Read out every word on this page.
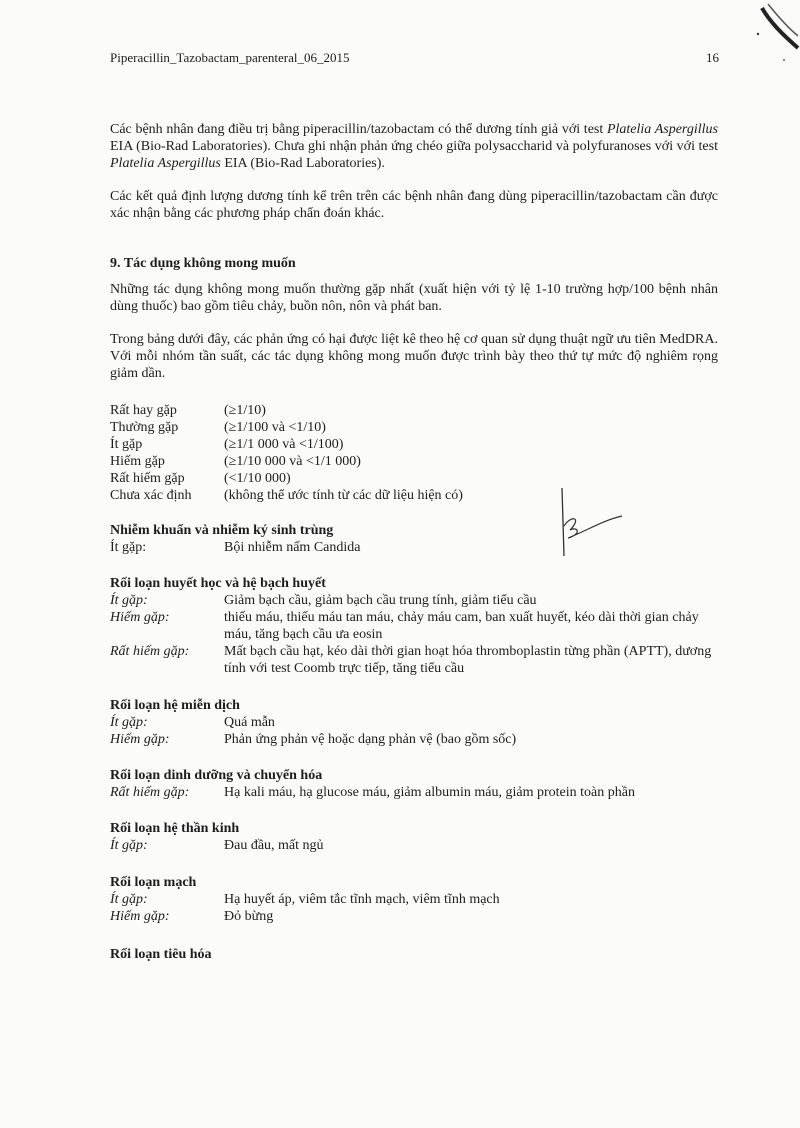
Piperacillin_Tazobactam_parenteral_06_2015	16

Các bệnh nhân đang điều trị bằng piperacillin/tazobactam có thể dương tính giả với test Platelia Aspergillus EIA (Bio-Rad Laboratories). Chưa ghi nhận phản ứng chéo giữa polysaccharid và polyfuranoses với với test Platelia Aspergillus EIA (Bio-Rad Laboratories).

Các kết quả định lượng dương tính kể trên trên các bệnh nhân đang dùng piperacillin/tazobactam cần được xác nhận bằng các phương pháp chẩn đoán khác.

9. Tác dụng không mong muốn

Những tác dụng không mong muốn thường gặp nhất (xuất hiện với tỷ lệ 1-10 trường hợp/100 bệnh nhân dùng thuốc) bao gồm tiêu chảy, buồn nôn, nôn và phát ban.

Trong bảng dưới đây, các phản ứng có hại được liệt kê theo hệ cơ quan sử dụng thuật ngữ ưu tiên MedDRA. Với mỗi nhóm tần suất, các tác dụng không mong muốn được trình bày theo thứ tự mức độ nghiêm rọng giảm dần.

Rất hay gặp	(≥1/10)
Thường gặp	(≥1/100 và <1/10)
Ít gặp	(≥1/1 000 và <1/100)
Hiếm gặp	(≥1/10 000 và <1/1 000)
Rất hiếm gặp	(<1/10 000)
Chưa xác định	(không thể ước tính từ các dữ liệu hiện có)
Nhiễm khuẩn và nhiễm ký sinh trùng
Ít gặp:	Bội nhiễm nấm Candida
Rối loạn huyết học và hệ bạch huyết
Ít gặp:	Giảm bạch cầu, giảm bạch cầu trung tính, giảm tiểu cầu
Hiếm gặp:	thiếu máu, thiếu máu tan máu, chảy máu cam, ban xuất huyết, kéo dài thời gian chảy máu, tăng bạch cầu ưa eosin
Rất hiếm gặp:	Mất bạch cầu hạt, kéo dài thời gian hoạt hóa thromboplastin từng phần (APTT), dương tính với test Coomb trực tiếp, tăng tiểu cầu
Rối loạn hệ miễn dịch
Ít gặp:	Quá mẫn
Hiếm gặp:	Phản ứng phản vệ hoặc dạng phản vệ (bao gồm sốc)
Rối loạn dinh dưỡng và chuyển hóa
Rất hiếm gặp:	Hạ kali máu, hạ glucose máu, giảm albumin máu, giảm protein toàn phần
Rối loạn hệ thần kinh
Ít gặp:	Đau đầu, mất ngủ
Rối loạn mạch
Ít gặp:	Hạ huyết áp, viêm tắc tĩnh mạch, viêm tĩnh mạch
Hiếm gặp:	Đỏ bừng
Rối loạn tiêu hóa
